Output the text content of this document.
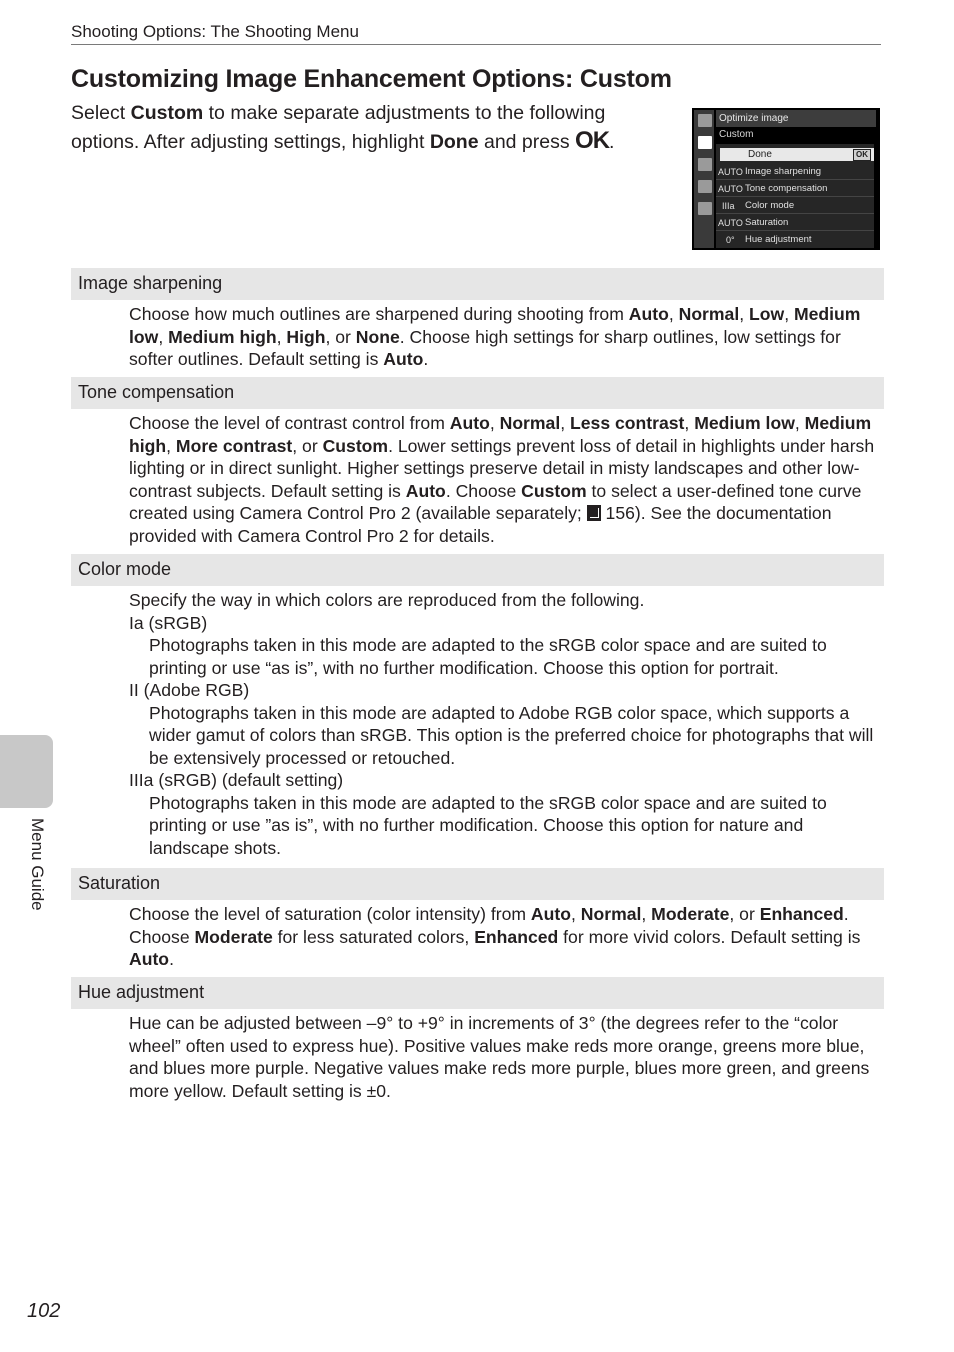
Shooting Options: The Shooting Menu
Customizing Image Enhancement Options: Custom
Select Custom to make separate adjustments to the following options. After adjusting settings, highlight Done and press OK.
Optimize image
Custom
AUTO Image sharpening
AUTO Tone compensation
IIIa	Color mode
AUTO Saturation
0°	Hue adjustment
Done	OK
Image sharpening

Choose how much outlines are sharpened during shooting from Auto, Normal, Low, Medium low, Medium high, High, or None. Choose high settings for sharp outlines, low settings for softer outlines. Default setting is Auto.

Tone compensation

Choose the level of contrast control from Auto, Normal, Less contrast, Medium low, Medium high, More contrast, or Custom. Lower settings prevent loss of detail in highlights under harsh lighting or in direct sunlight. Higher settings preserve detail in misty landscapes and other low-contrast subjects. Default setting is Auto. Choose Custom to select a user-defined tone curve created using Camera Control Pro 2 (available separately;  156). See the documentation provided with Camera Control Pro 2 for details.

Color mode

Specify the way in which colors are reproduced from the following.

Ia (sRGB)

Photographs taken in this mode are adapted to the sRGB color space and are suited to printing or use “as is”, with no further modification. Choose this option for portrait.

II (Adobe RGB)

Photographs taken in this mode are adapted to Adobe RGB color space, which supports a wider gamut of colors than sRGB. This option is the preferred choice for photographs that will be extensively processed or retouched.

IIIa (sRGB) (default setting)

Photographs taken in this mode are adapted to the sRGB color space and are suited to printing or use ”as is”, with no further modification. Choose this option for nature and landscape shots.

Saturation

Choose the level of saturation (color intensity) from Auto, Normal, Moderate, or Enhanced. Choose Moderate for less saturated colors, Enhanced for more vivid colors. Default setting is Auto.

Hue adjustment

Hue can be adjusted between –9° to +9° in increments of 3° (the degrees refer to the “color wheel” often used to express hue). Positive values make reds more orange, greens more blue, and blues more purple. Negative values make reds more purple, blues more green, and greens more yellow. Default setting is ±0.

Menu Guide
102
